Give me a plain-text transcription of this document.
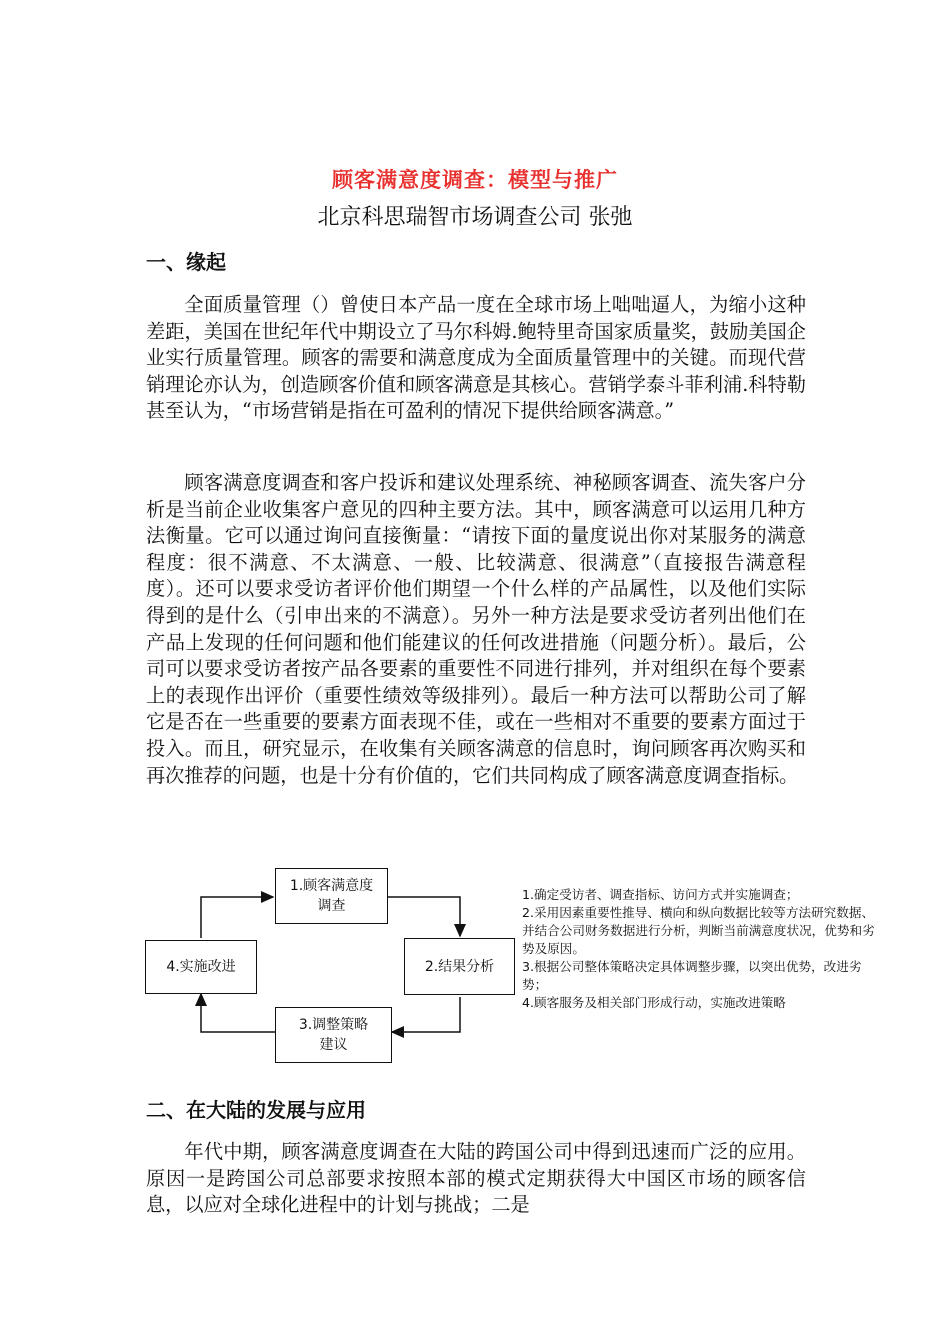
顾客满意度调查：模型与推广
北京科思瑞智市场调查公司 张弛
一、缘起
全面质量管理（）曾使日本产品一度在全球市场上咄咄逼人，为缩小这种差距，美国在世纪年代中期设立了马尔科姆.鲍特里奇国家质量奖，鼓励美国企业实行质量管理。顾客的需要和满意度成为全面质量管理中的关键。而现代营销理论亦认为，创造顾客价值和顾客满意是其核心。营销学泰斗菲利浦.科特勒甚至认为，“市场营销是指在可盈利的情况下提供给顾客满意。”
顾客满意度调查和客户投诉和建议处理系统、神秘顾客调查、流失客户分析是当前企业收集客户意见的四种主要方法。其中，顾客满意可以运用几种方法衡量。它可以通过询问直接衡量：“请按下面的量度说出你对某服务的满意程度：很不满意、不太满意、一般、比较满意、很满意”（直接报告满意程度）。还可以要求受访者评价他们期望一个什么样的产品属性，以及他们实际得到的是什么（引申出来的不满意）。另外一种方法是要求受访者列出他们在产品上发现的任何问题和他们能建议的任何改进措施（问题分析）。最后，公司可以要求受访者按产品各要素的重要性不同进行排列，并对组织在每个要素上的表现作出评价（重要性绩效等级排列）。最后一种方法可以帮助公司了解它是否在一些重要的要素方面表现不佳，或在一些相对不重要的要素方面过于投入。而且，研究显示，在收集有关顾客满意的信息时，询问顾客再次购买和再次推荐的问题，也是十分有价值的，它们共同构成了顾客满意度调查指标。
1.顾客满意度
调查
2.结果分析
3.调整策略
建议
4.实施改进
1.确定受访者、调查指标、访问方式并实施调查；
2.采用因素重要性推导、横向和纵向数据比较等方法研究数据、并结合公司财务数据进行分析，判断当前满意度状况，优势和劣势及原因。
3.根据公司整体策略决定具体调整步骤，以突出优势，改进劣势；
4.顾客服务及相关部门形成行动，实施改进策略
二、在大陆的发展与应用
年代中期，顾客满意度调查在大陆的跨国公司中得到迅速而广泛的应用。原因一是跨国公司总部要求按照本部的模式定期获得大中国区市场的顾客信息，以应对全球化进程中的计划与挑战；二是
